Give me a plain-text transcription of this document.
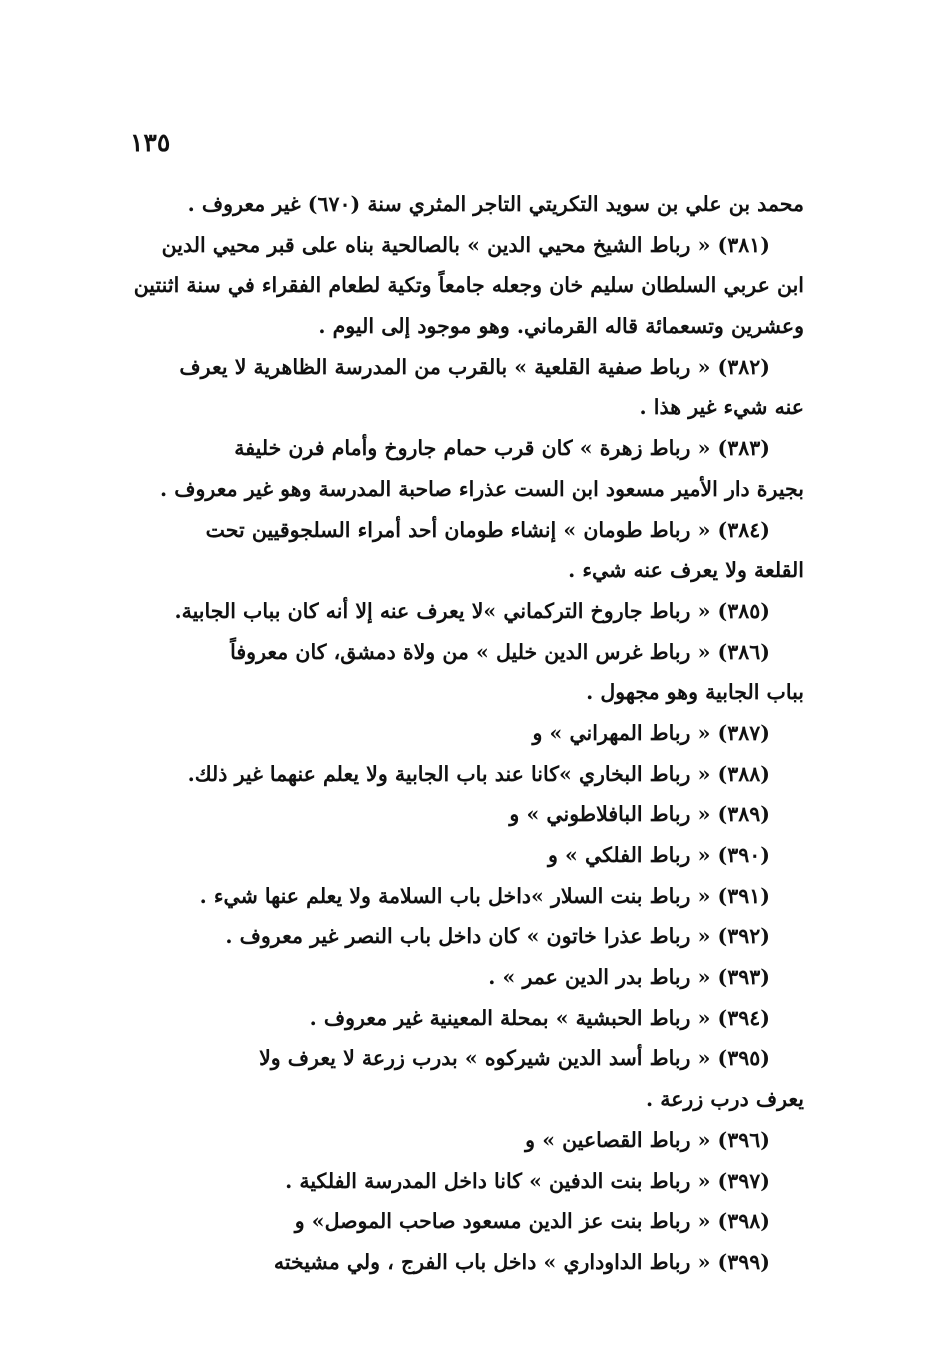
١٣٥
محمد بن علي بن سويد التكريتي التاجر المثري سنة (٦٧٠) غير معروف .
(٣٨١) « رباط الشيخ محيي الدين » بالصالحية بناه على قبر محيي الدين
ابن عربي السلطان سليم خان وجعله جامعاً وتكية لطعام الفقراء في سنة اثنتين
وعشرين وتسعمائة قاله القرماني. وهو موجود إلى اليوم .
(٣٨٢) « رباط صفية القلعية » بالقرب من المدرسة الظاهرية لا يعرف
عنه شيء غير هذا .
(٣٨٣) « رباط زهرة » كان قرب حمام جاروخ وأمام فرن خليفة
بجيرة دار الأمير مسعود ابن الست عذراء صاحبة المدرسة وهو غير معروف .
(٣٨٤) « رباط طومان » إنشاء طومان أحد أمراء السلجوقيين تحت
القلعة ولا يعرف عنه شيء .
(٣٨٥) « رباط جاروخ التركماني »لا يعرف عنه إلا أنه كان بباب الجابية.
(٣٨٦) « رباط غرس الدين خليل » من ولاة دمشق، كان معروفاً
بباب الجابية وهو مجهول .
(٣٨٧) « رباط المهراني » و
(٣٨٨) « رباط البخاري »كانا عند باب الجابية ولا يعلم عنهما غير ذلك.
(٣٨٩) « رباط البافلاطوني » و
(٣٩٠) « رباط الفلكي » و
(٣٩١) « رباط بنت السلار »داخل باب السلامة ولا يعلم عنها شيء .
(٣٩٢) « رباط عذرا خاتون » كان داخل باب النصر غير معروف .
(٣٩٣) « رباط بدر الدين عمر » .
(٣٩٤) « رباط الحبشية » بمحلة المعينية غير معروف .
(٣٩٥) « رباط أسد الدين شيركوه » بدرب زرعة لا يعرف ولا
يعرف درب زرعة .
(٣٩٦) « رباط القصاعين » و
(٣٩٧) « رباط بنت الدفين » كانا داخل المدرسة الفلكية .
(٣٩٨) « رباط بنت عز الدين مسعود صاحب الموصل» و
(٣٩٩) « رباط الداوداري » داخل باب الفرج ، ولي مشيخته
